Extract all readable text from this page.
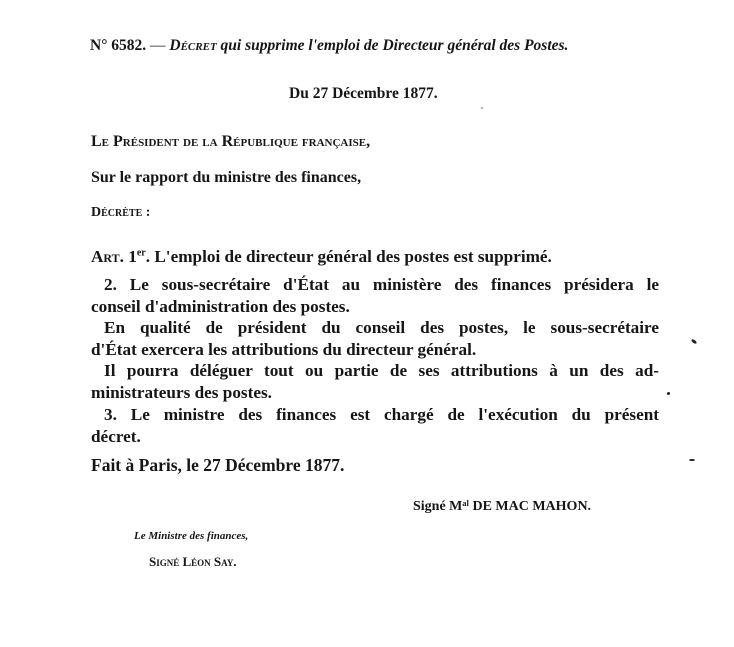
N° 6582. — Décret qui supprime l'emploi de Directeur général des Postes.
Du 27 Décembre 1877.
Le Président de la République française,
Sur le rapport du ministre des finances,
Décrète :
Art. 1er. L'emploi de directeur général des postes est supprimé.
2. Le sous-secrétaire d'État au ministère des finances présidera le
conseil d'administration des postes.
En qualité de président du conseil des postes, le sous-secrétaire
d'État exercera les attributions du directeur général.
Il pourra déléguer tout ou partie de ses attributions à un des ad-
ministrateurs des postes.
3. Le ministre des finances est chargé de l'exécution du présent
décret.
Fait à Paris, le 27 Décembre 1877.
Signé Mᵃˡ DE MAC MAHON.
Le Ministre des finances,
Signé Léon Say.
